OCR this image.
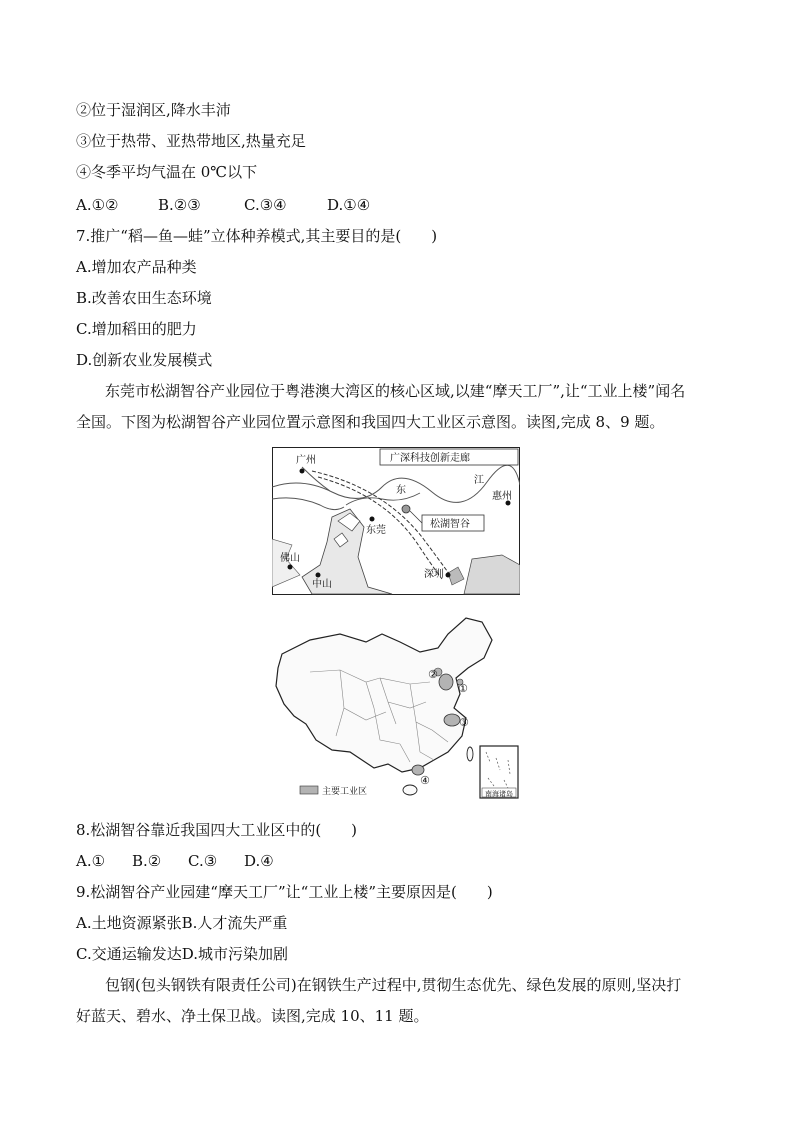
②位于湿润区,降水丰沛
③位于热带、亚热带地区,热量充足
④冬季平均气温在 0℃以下
A.①②	B.②③	C.③④	D.①④
7.推广“稻—鱼—蛙”立体种养模式,其主要目的是(　　)
A.增加农产品种类
B.改善农田生态环境
C.增加稻田的肥力
D.创新农业发展模式
东莞市松湖智谷产业园位于粤港澳大湾区的核心区域,以建“摩天工厂”,让“工业上楼”闻名
全国。下图为松湖智谷产业园位置示意图和我国四大工业区示意图。读图,完成 8、9 题。
广深科技创新走廊
松湖智谷
广州
东
江
惠州
东莞
佛山
中山
深圳
②
①
③
④
主要工业区	南海诸岛
8.松湖智谷靠近我国四大工业区中的(　　)
A.① B.② C.③ D.④
9.松湖智谷产业园建“摩天工厂”让“工业上楼”主要原因是(　　)
A.土地资源紧张B.人才流失严重
C.交通运输发达D.城市污染加剧
包钢(包头钢铁有限责任公司)在钢铁生产过程中,贯彻生态优先、绿色发展的原则,坚决打
好蓝天、碧水、净土保卫战。读图,完成 10、11 题。
